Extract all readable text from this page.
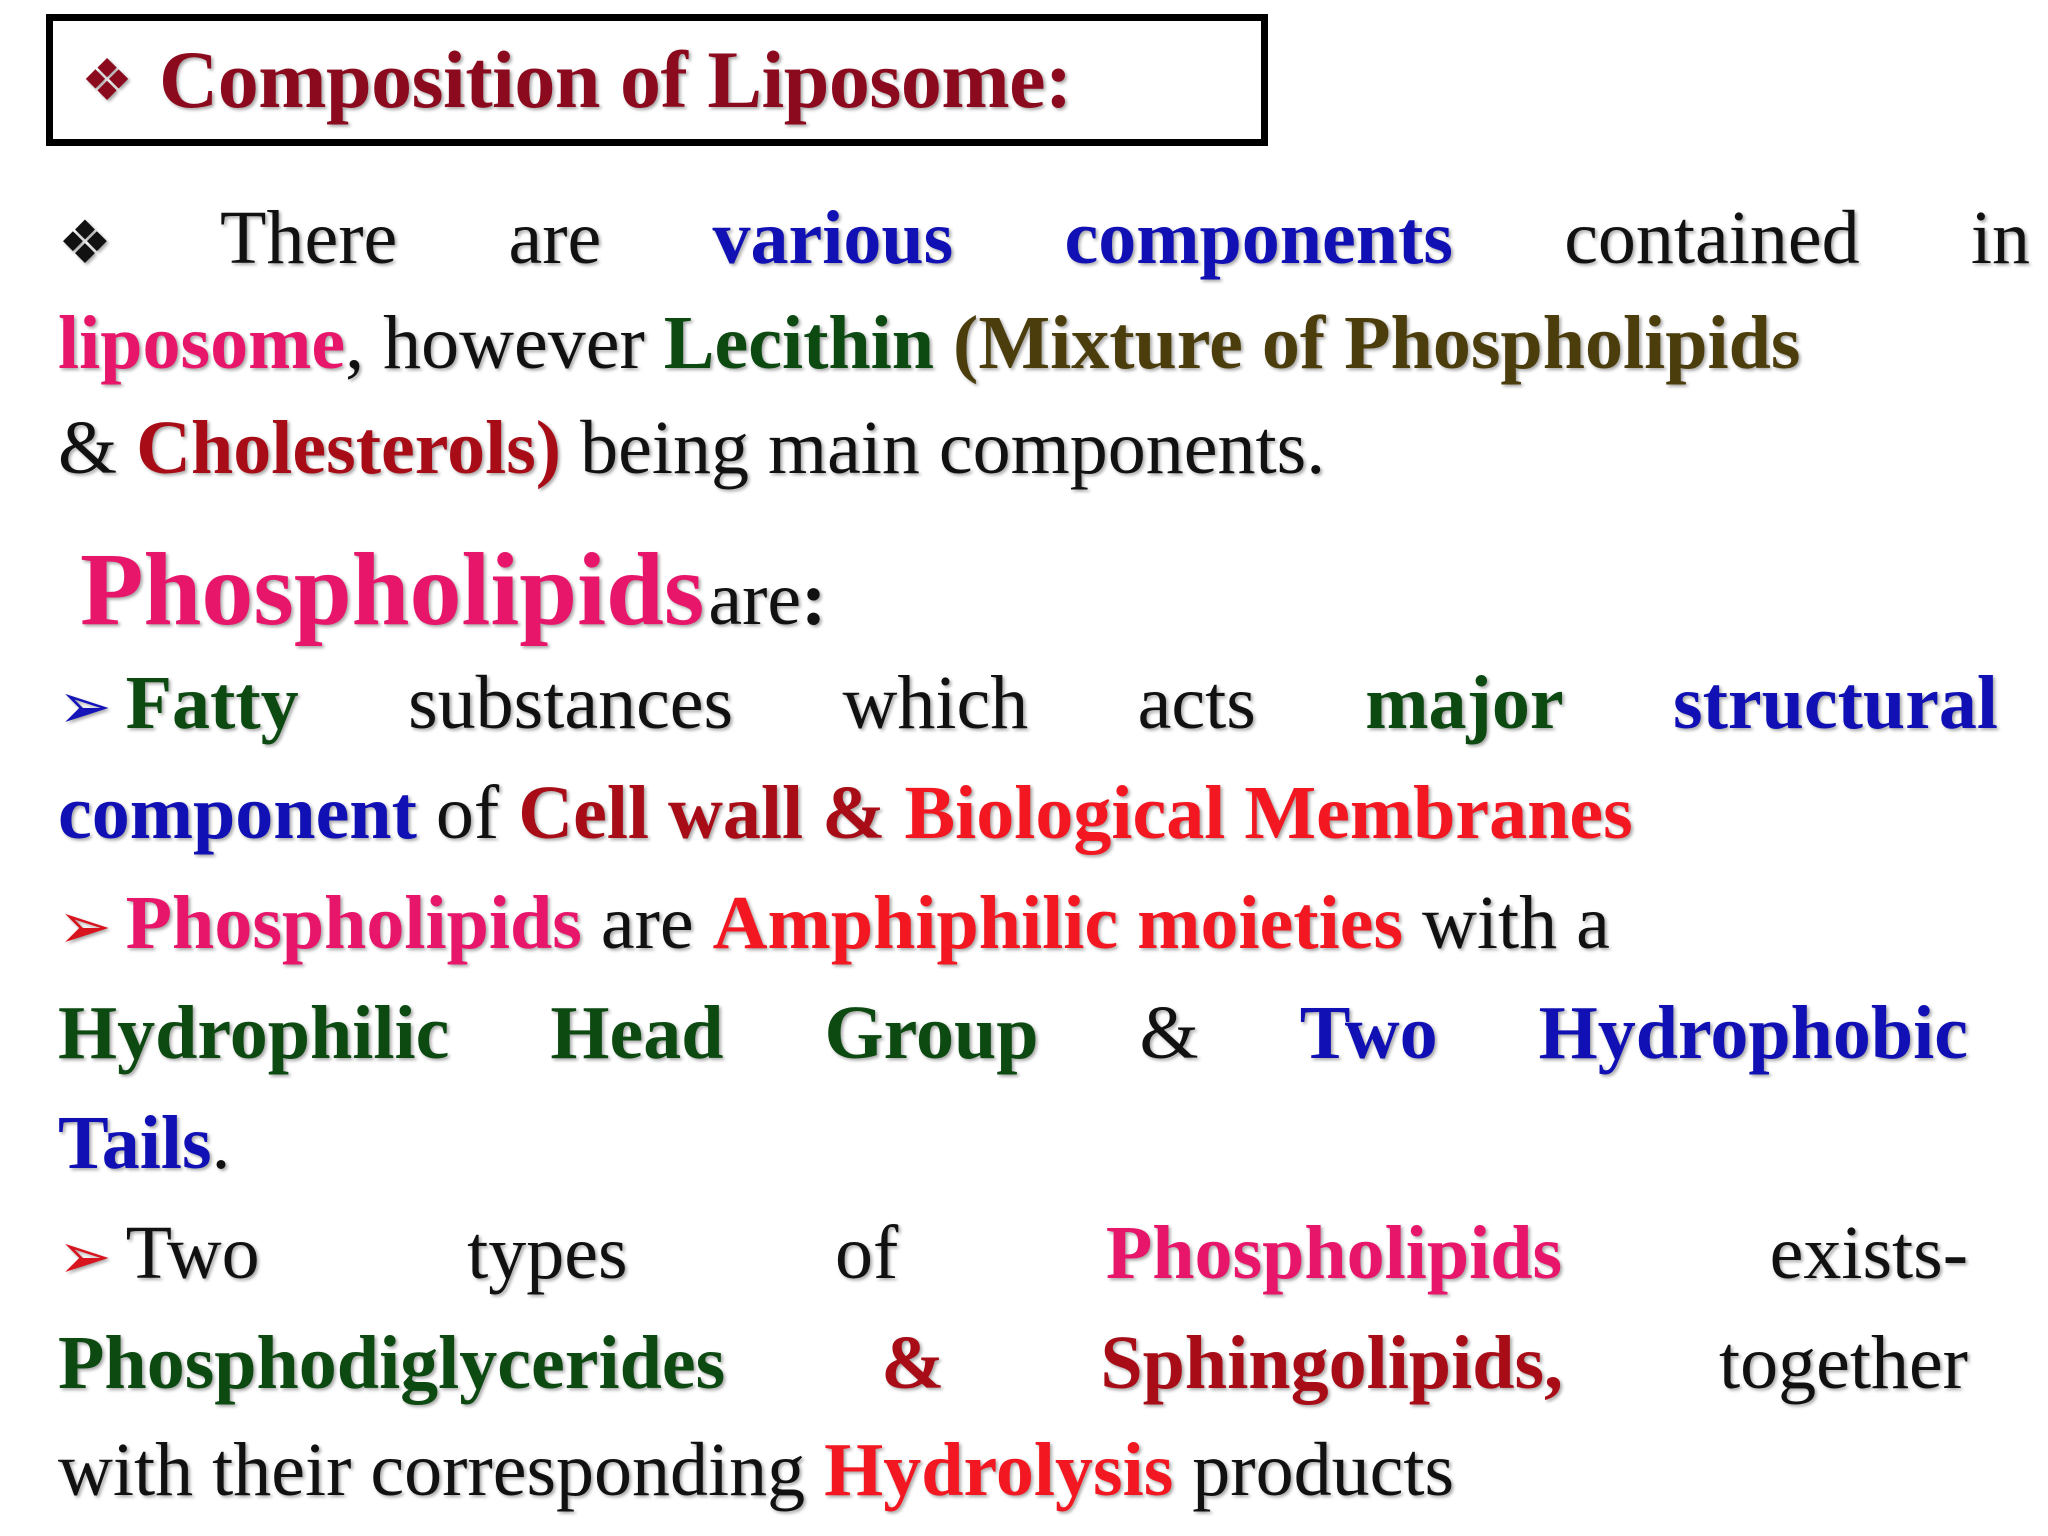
❖ Composition of Liposome:
❖ There are various components contained in
liposome, however Lecithin (Mixture of Phospholipids
& Cholesterols) being main components.
Phospholipids are:
➢ Fatty substances which acts major structural
component of Cell wall & Biological Membranes
➢ Phospholipids are Amphiphilic moieties with a
Hydrophilic Head Group & Two Hydrophobic
Tails.
➢ Two	types	of	Phospholipids	exists-
Phosphodiglycerides & Sphingolipids, together
with their corresponding Hydrolysis products
